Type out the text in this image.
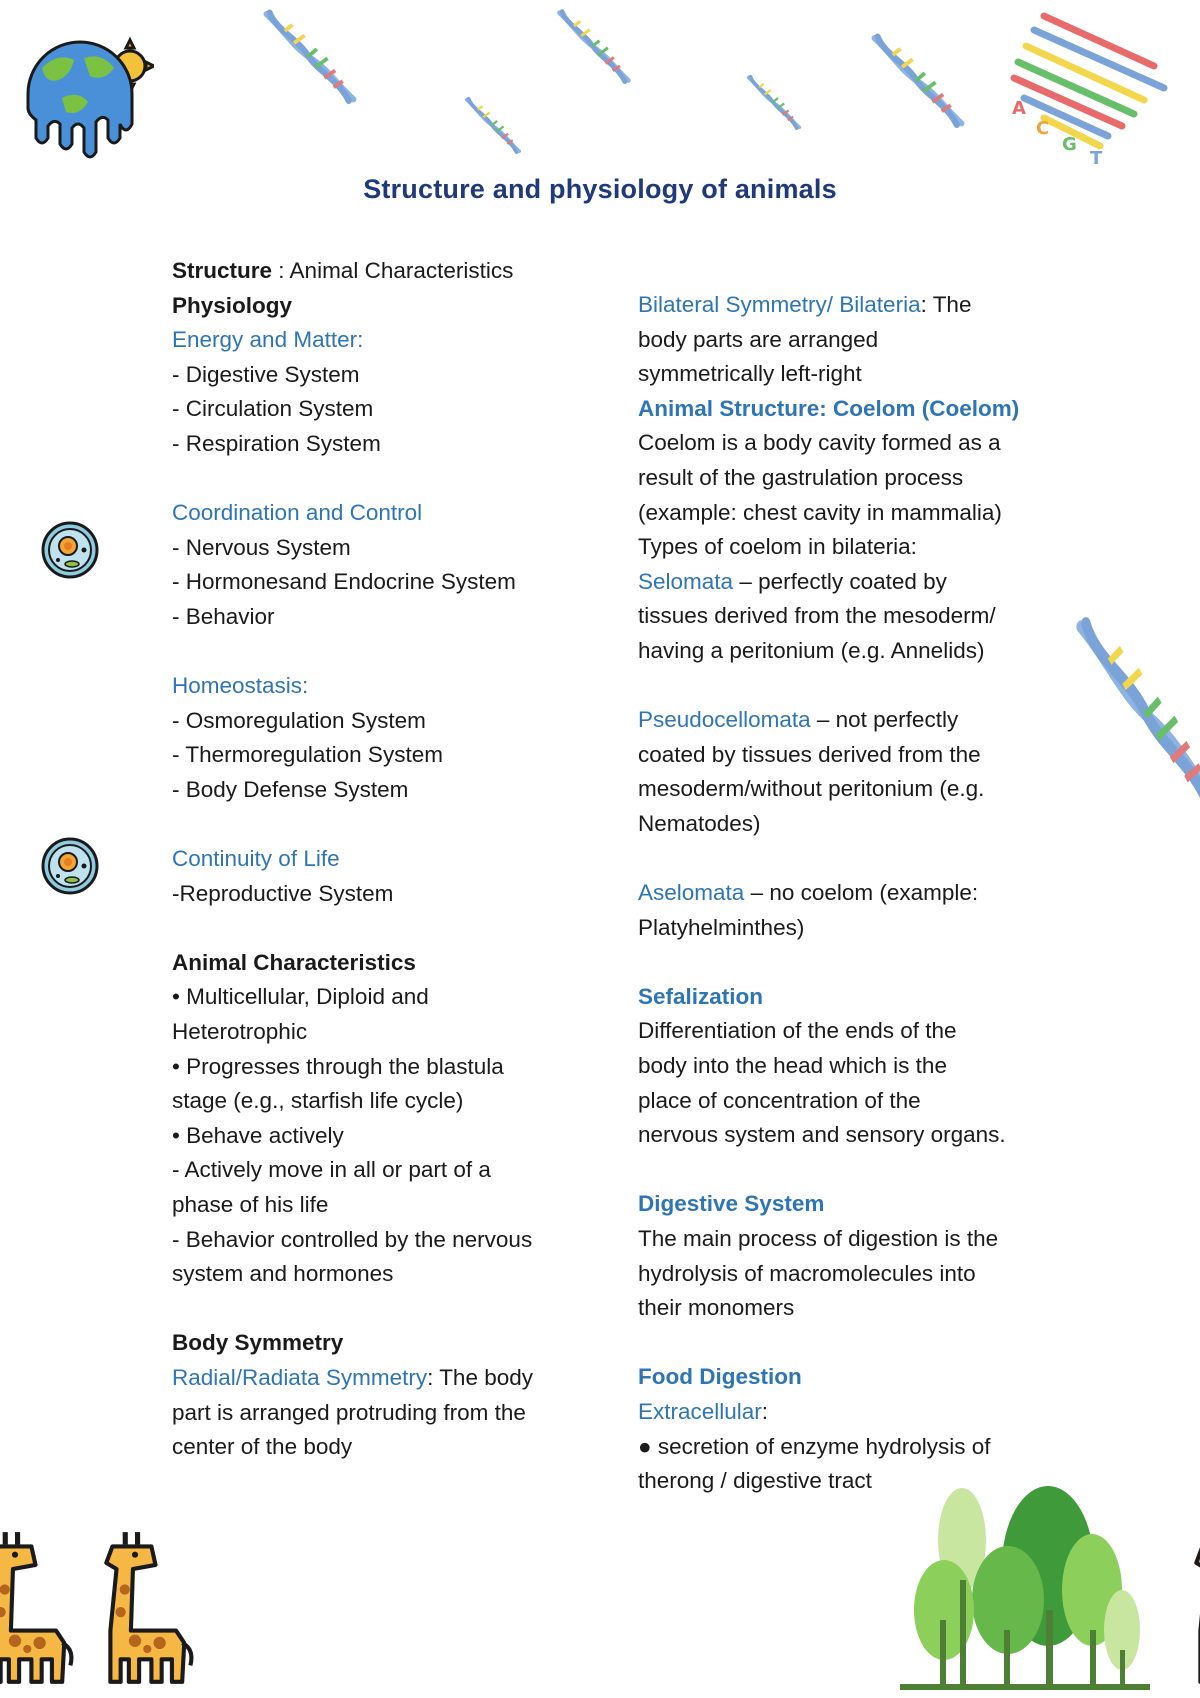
A
C
G
T
Structure and physiology of animals
Structure : Animal Characteristics
Physiology
Energy and Matter:
- Digestive System
- Circulation System
- Respiration System
Coordination and Control
- Nervous System
- Hormonesand Endocrine System
- Behavior
Homeostasis:
- Osmoregulation System
- Thermoregulation System
- Body Defense System
Continuity of Life
-Reproductive System
Animal Characteristics
• Multicellular, Diploid and
Heterotrophic
• Progresses through the blastula
stage (e.g., starfish life cycle)
• Behave actively
- Actively move in all or part of a
phase of his life
- Behavior controlled by the nervous
system and hormones
Body Symmetry
Radial/Radiata Symmetry: The body
part is arranged protruding from the
center of the body
Bilateral Symmetry/ Bilateria: The
body parts are arranged
symmetrically left-right
Animal Structure: Coelom (Coelom)
Coelom is a body cavity formed as a
result of the gastrulation process
(example: chest cavity in mammalia)
Types of coelom in bilateria:
Selomata – perfectly coated by
tissues derived from the mesoderm/
having a peritonium (e.g. Annelids)
Pseudocellomata – not perfectly
coated by tissues derived from the
mesoderm/without peritonium (e.g.
Nematodes)
Aselomata – no coelom (example:
Platyhelminthes)
Sefalization
Differentiation of the ends of the
body into the head which is the
place of concentration of the
nervous system and sensory organs.
Digestive System
The main process of digestion is the
hydrolysis of macromolecules into
their monomers
Food Digestion
Extracellular:
● secretion of enzyme hydrolysis of
therong / digestive tract
